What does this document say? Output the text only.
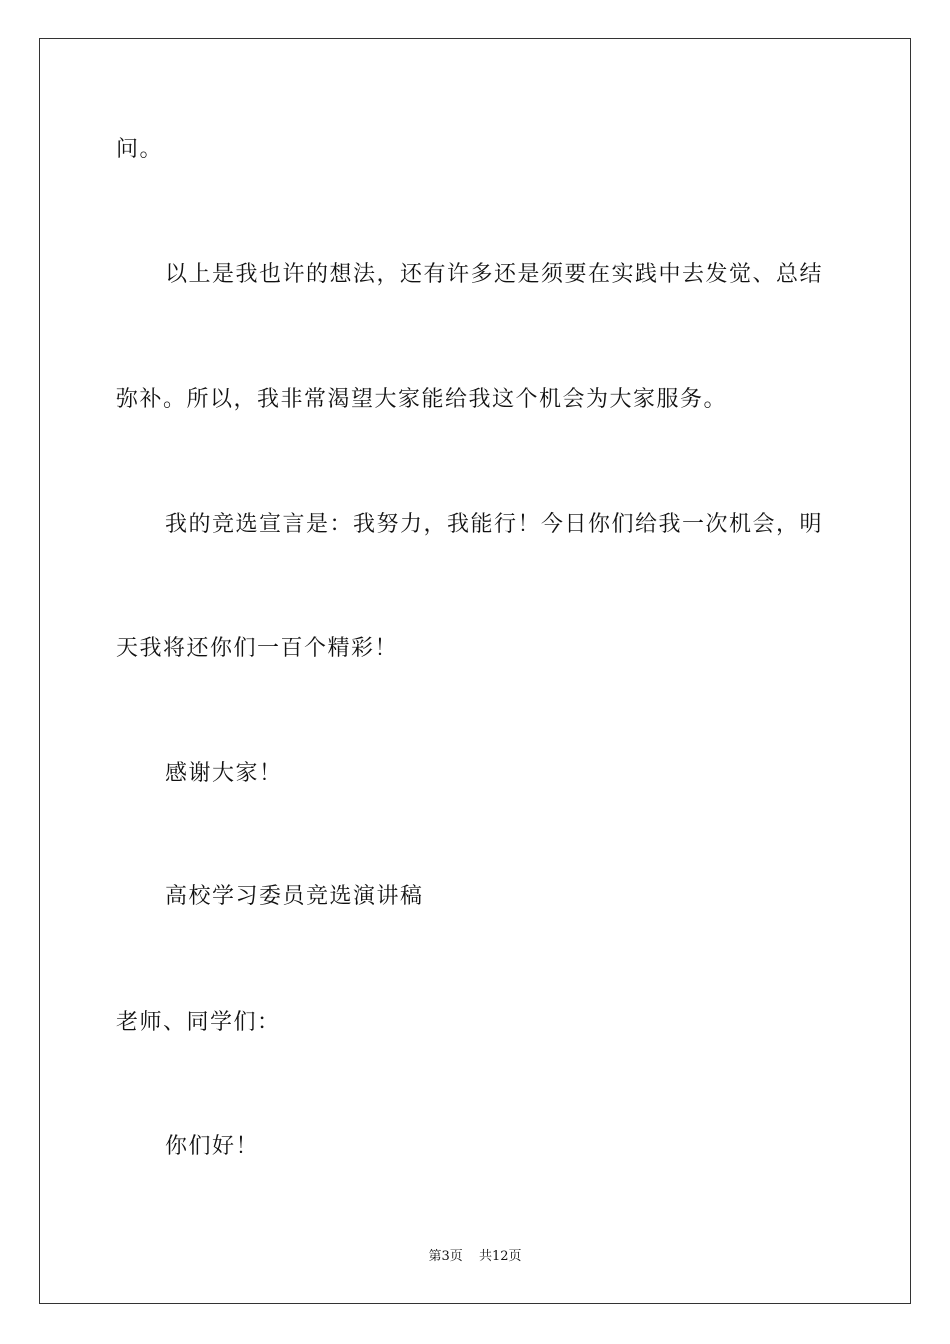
问。
以上是我也许的想法，还有许多还是须要在实践中去发觉、总结
弥补。所以，我非常渴望大家能给我这个机会为大家服务。
我的竞选宣言是：我努力，我能行！今日你们给我一次机会，明
天我将还你们一百个精彩！
感谢大家！
高校学习委员竞选演讲稿
老师、同学们：
你们好！
第3页 共12页
